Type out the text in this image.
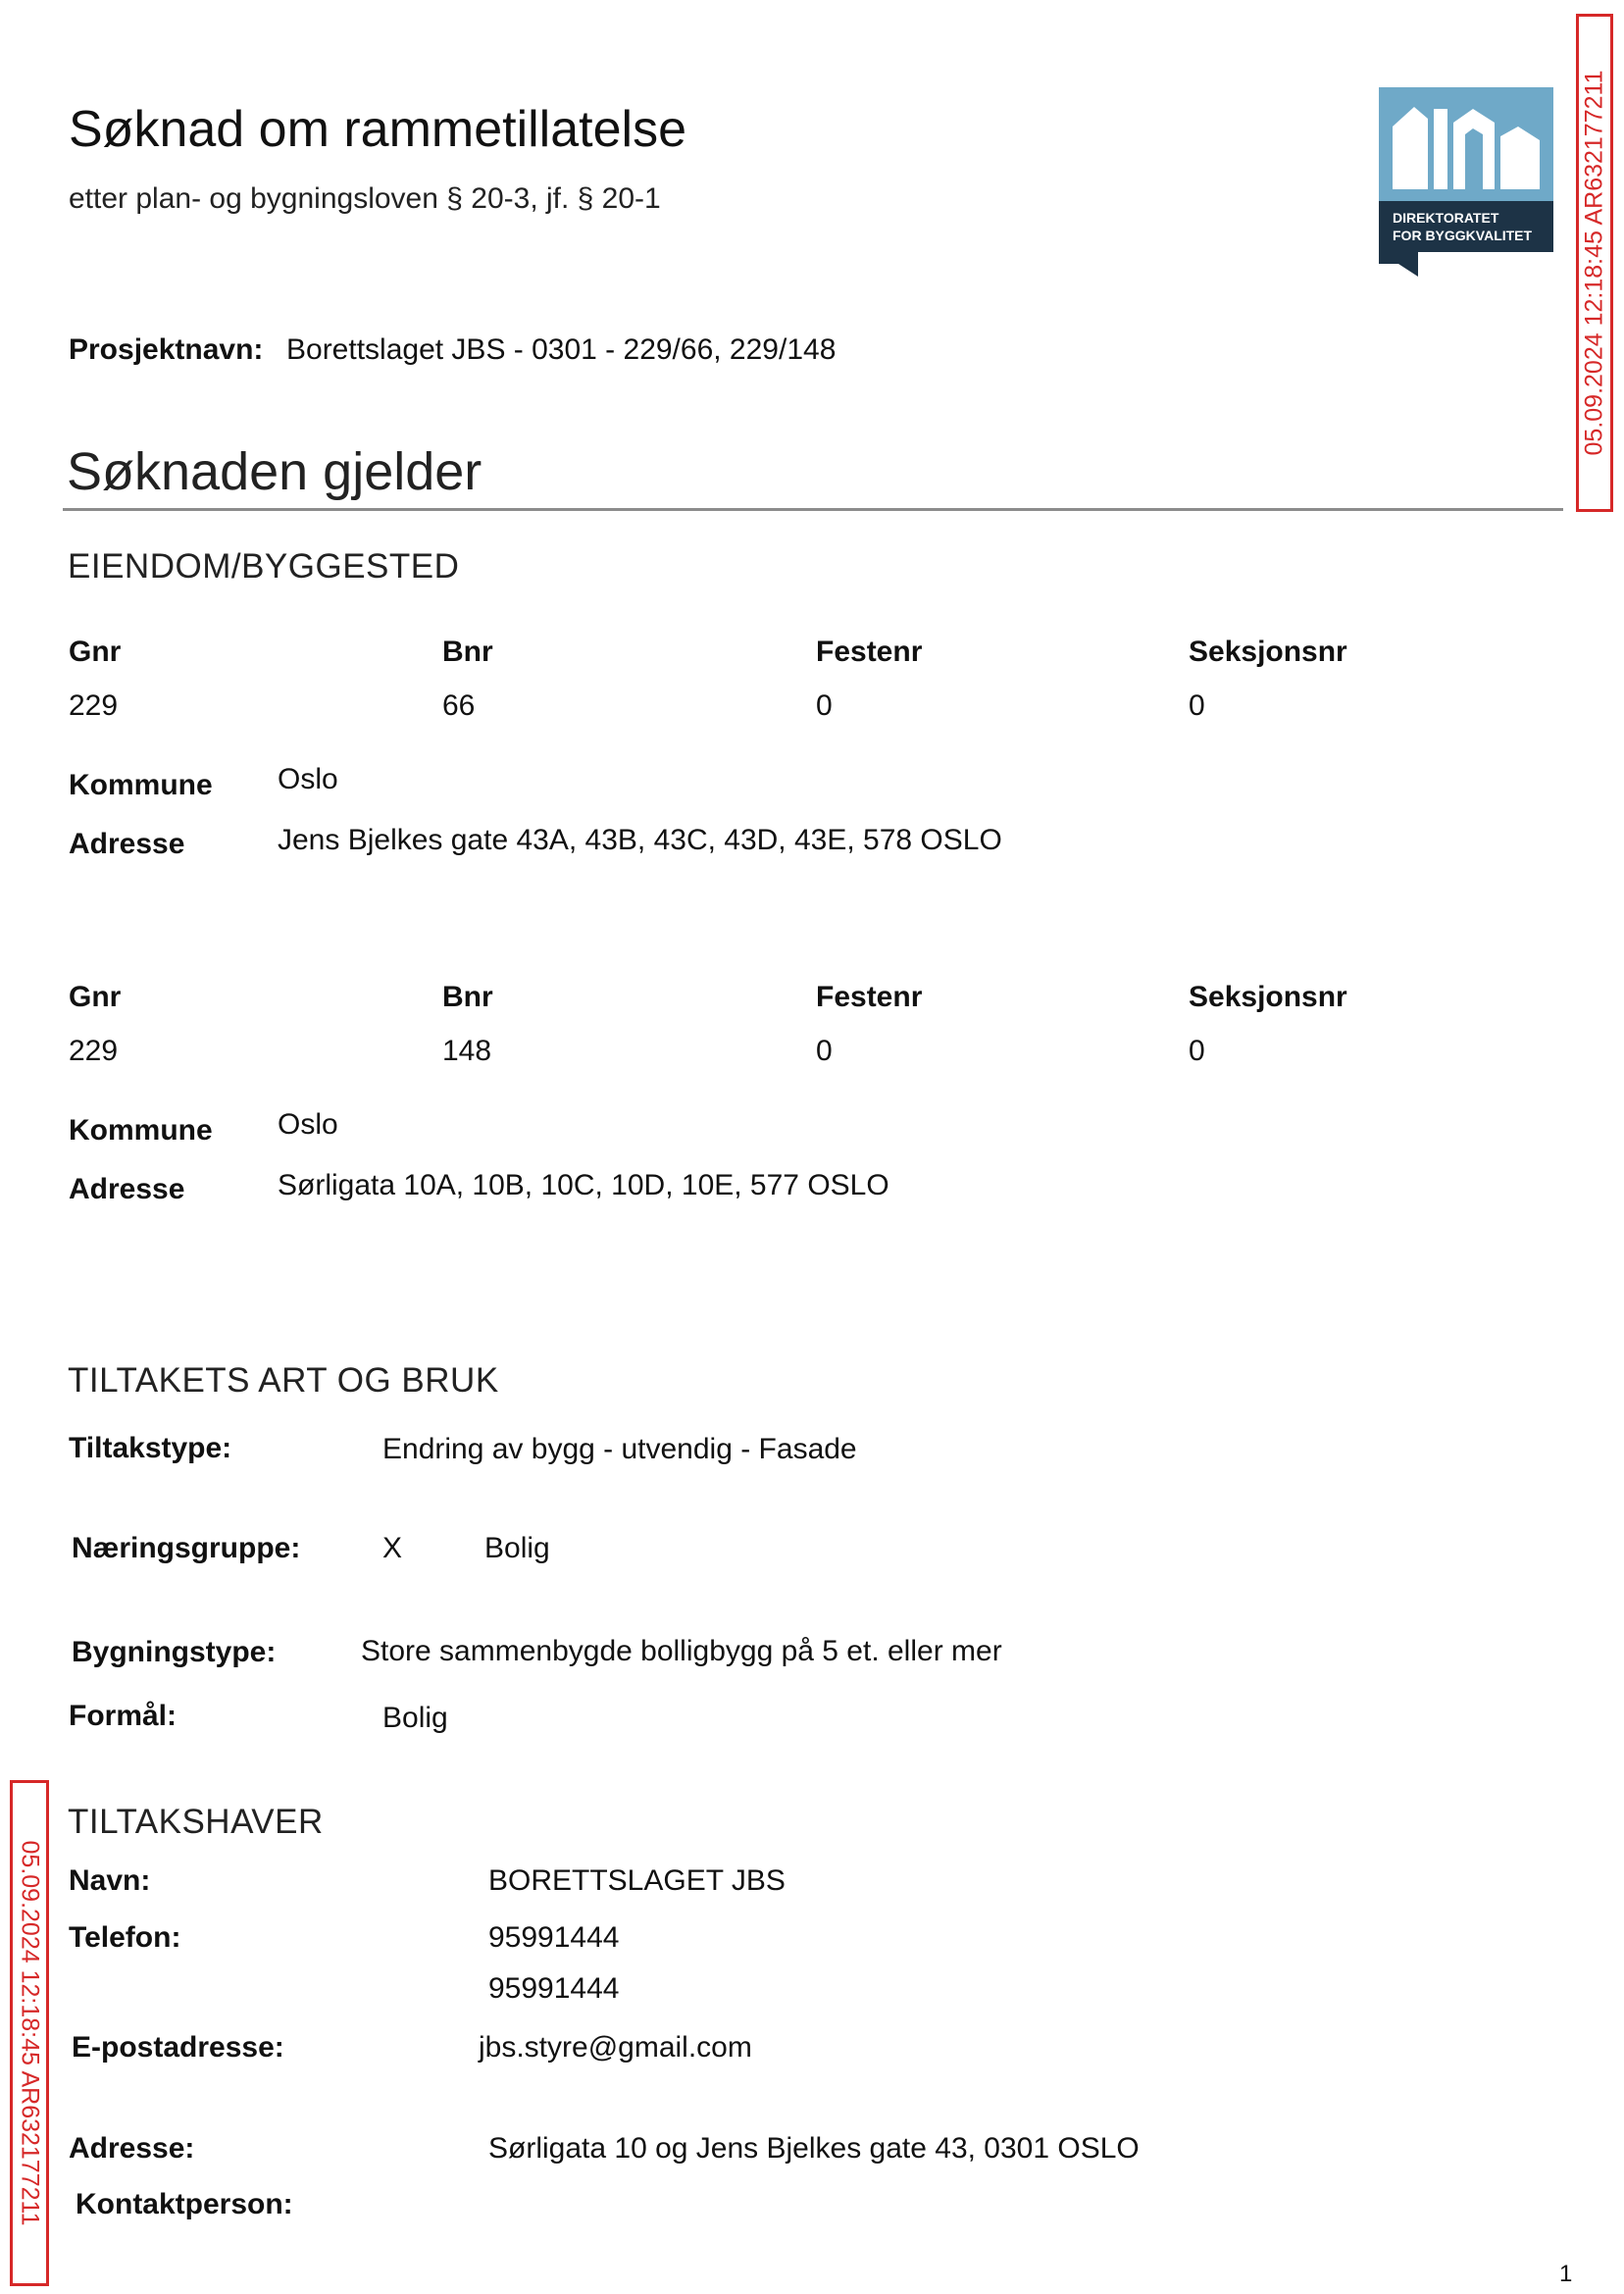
Søknad om rammetillatelse
etter plan- og bygningsloven § 20-3, jf. § 20-1
DIREKTORATET
FOR BYGGKVALITET
Prosjektnavn: Borettslaget JBS - 0301 - 229/66, 229/148
Søknaden gjelder
EIENDOM/BYGGESTED
Gnr	Bnr	Festenr	Seksjonsnr
229	66	0	0
Kommune Oslo
Adresse	Jens Bjelkes gate 43A, 43B, 43C, 43D, 43E, 578 OSLO
Gnr	Bnr	Festenr	Seksjonsnr
229	148	0	0
Kommune Oslo
Adresse	Sørligata 10A, 10B, 10C, 10D, 10E, 577 OSLO
TILTAKETS ART OG BRUK
Tiltakstype:	Endring av bygg - utvendig - Fasade
Næringsgruppe:	X	Bolig
Bygningstype:	Store sammenbygde bolligbygg på 5 et. eller mer
Formål:	Bolig
TILTAKSHAVER
Navn:	BORETTSLAGET JBS
Telefon:	95991444
95991444
E-postadresse:	jbs.styre@gmail.com
Adresse:	Sørligata 10 og Jens Bjelkes gate 43, 0301 OSLO
Kontaktperson:
05.09.2024 12:18:45 AR632177211
05.09.2024 12:18:45 AR632177211
1
